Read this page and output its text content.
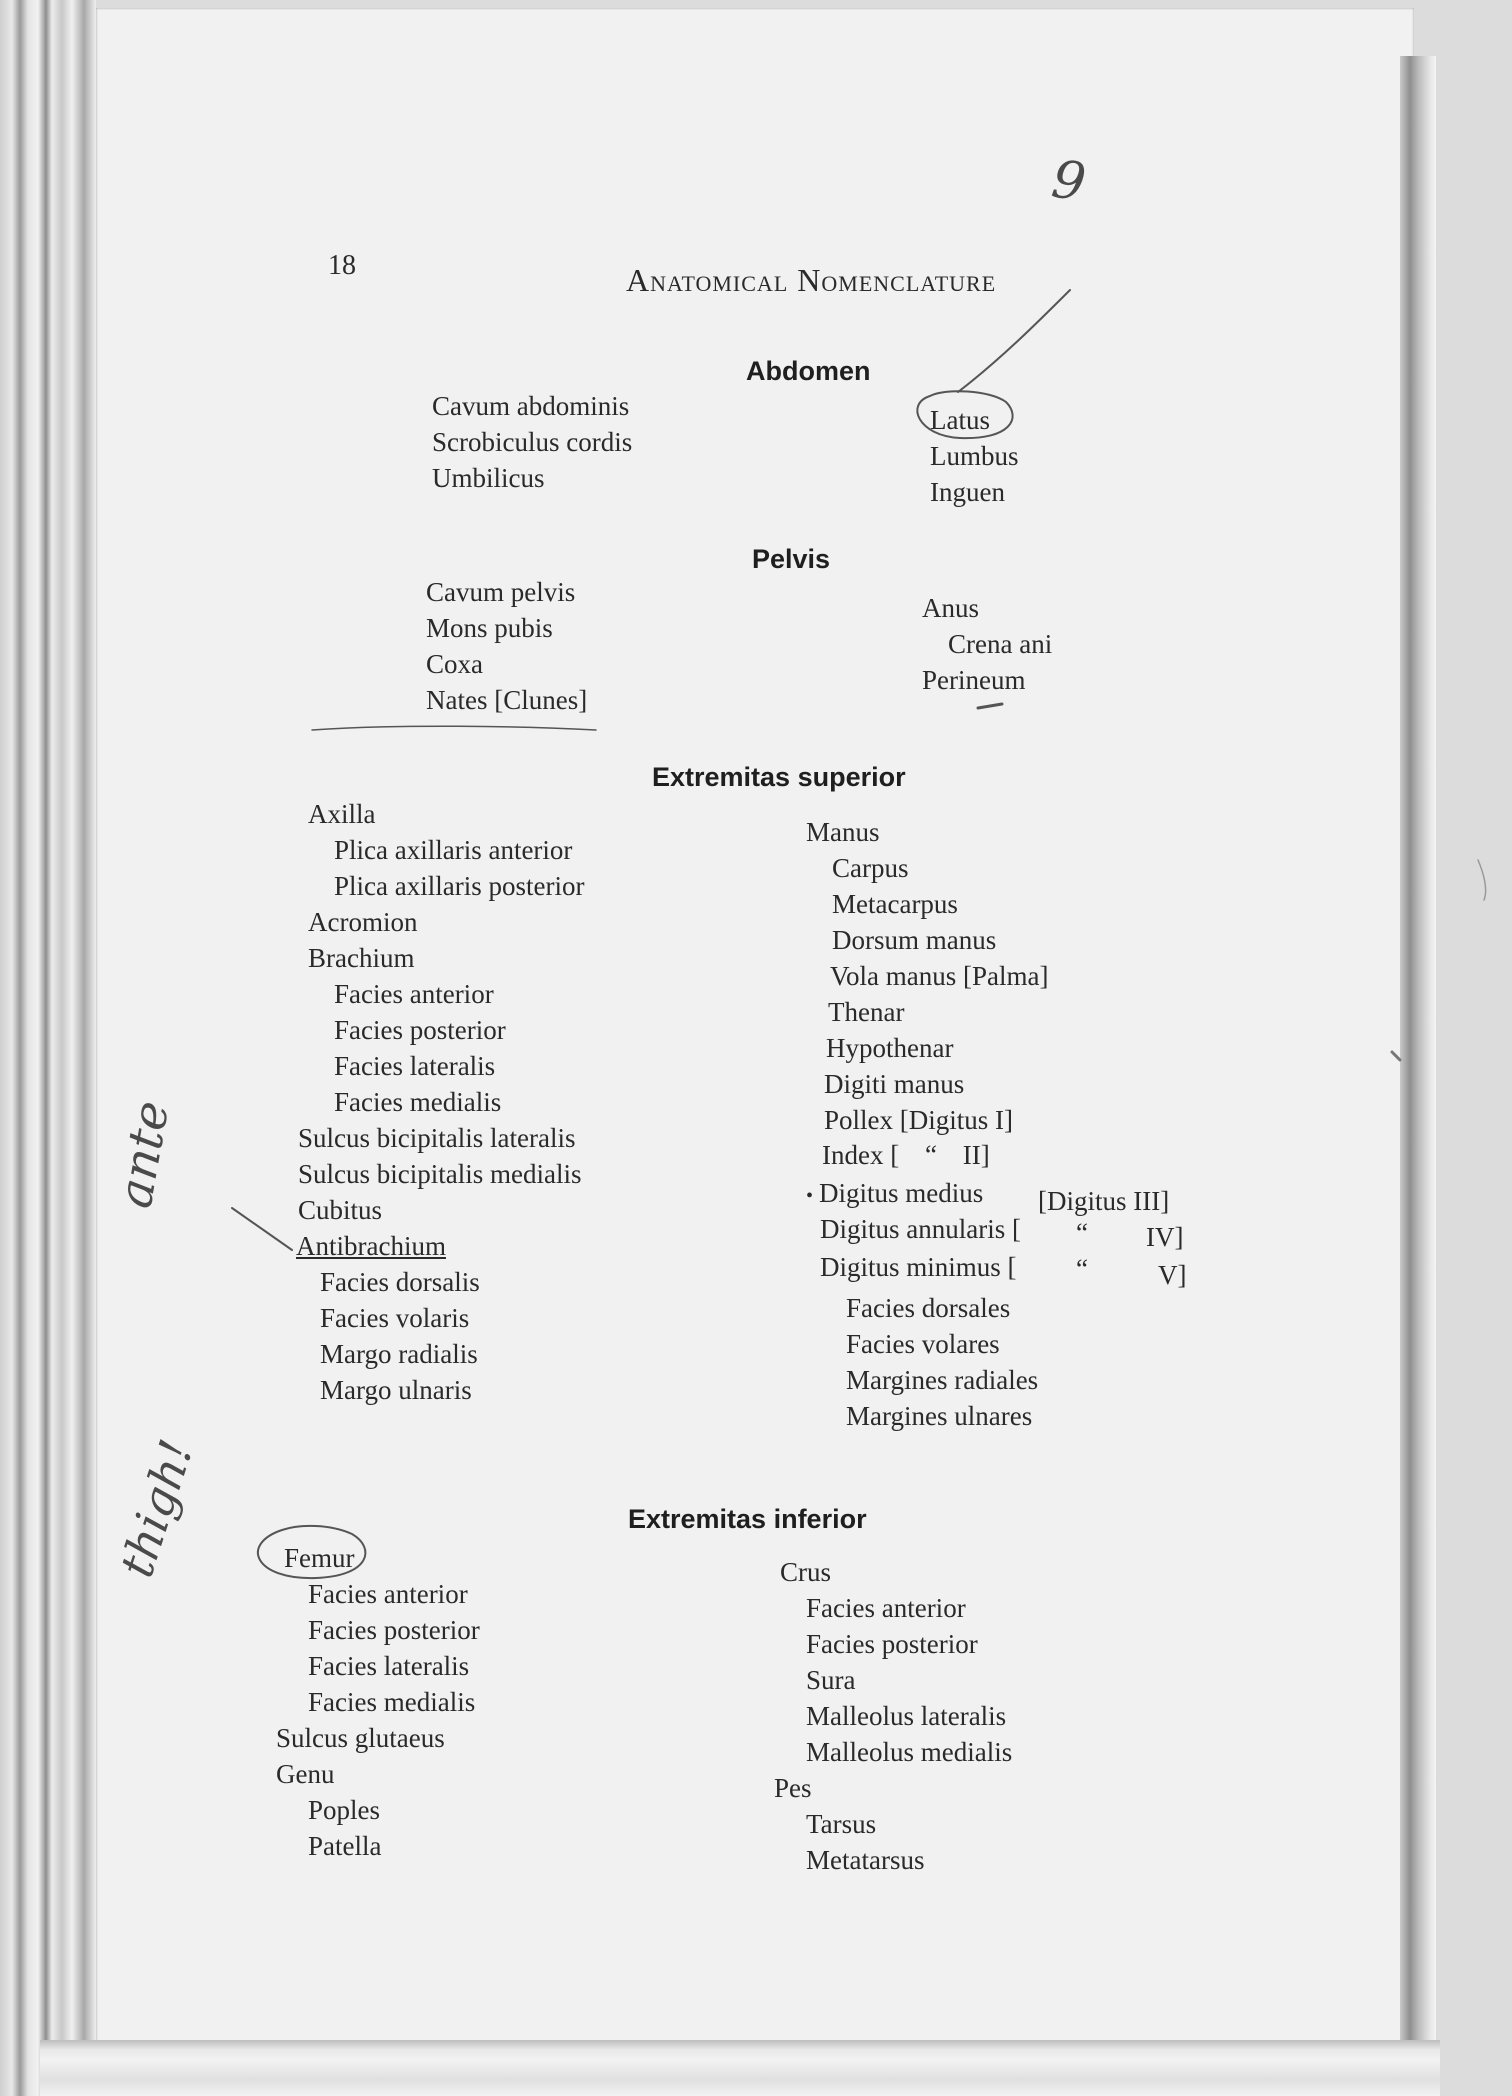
18	Anatomical Nomenclature
Abdomen
Cavum abdominis
Scrobiculus cordis
Umbilicus
Latus
Lumbus
Inguen
Pelvis
Cavum pelvis
Mons pubis
Coxa
Nates [Clunes]
Anus
Crena ani
Perineum
Extremitas superior
Axilla
Plica axillaris anterior
Plica axillaris posterior
Acromion
Brachium
Facies anterior
Facies posterior
Facies lateralis
Facies medialis
Sulcus bicipitalis lateralis
Sulcus bicipitalis medialis
Cubitus
Antibrachium
Facies dorsalis
Facies volaris
Margo radialis
Margo ulnaris
Manus
Carpus
Metacarpus
Dorsum manus
Vola manus [Palma]
Thenar
Hypothenar
Digiti manus
Pollex [Digitus I]
Index [ “ II]
• Digitus medius [Digitus III]
Digitus annularis [ “ IV]
Digitus minimus [ “	V]
Facies dorsales
Facies volares
Margines radiales
Margines ulnares
Extremitas inferior
Femur
Facies anterior
Facies posterior
Facies lateralis
Facies medialis
Sulcus glutaeus
Genu
Poples
Patella
Crus
Facies anterior
Facies posterior
Sura
Malleolus lateralis
Malleolus medialis
Pes
Tarsus
Metatarsus
9
ante
thigh!
